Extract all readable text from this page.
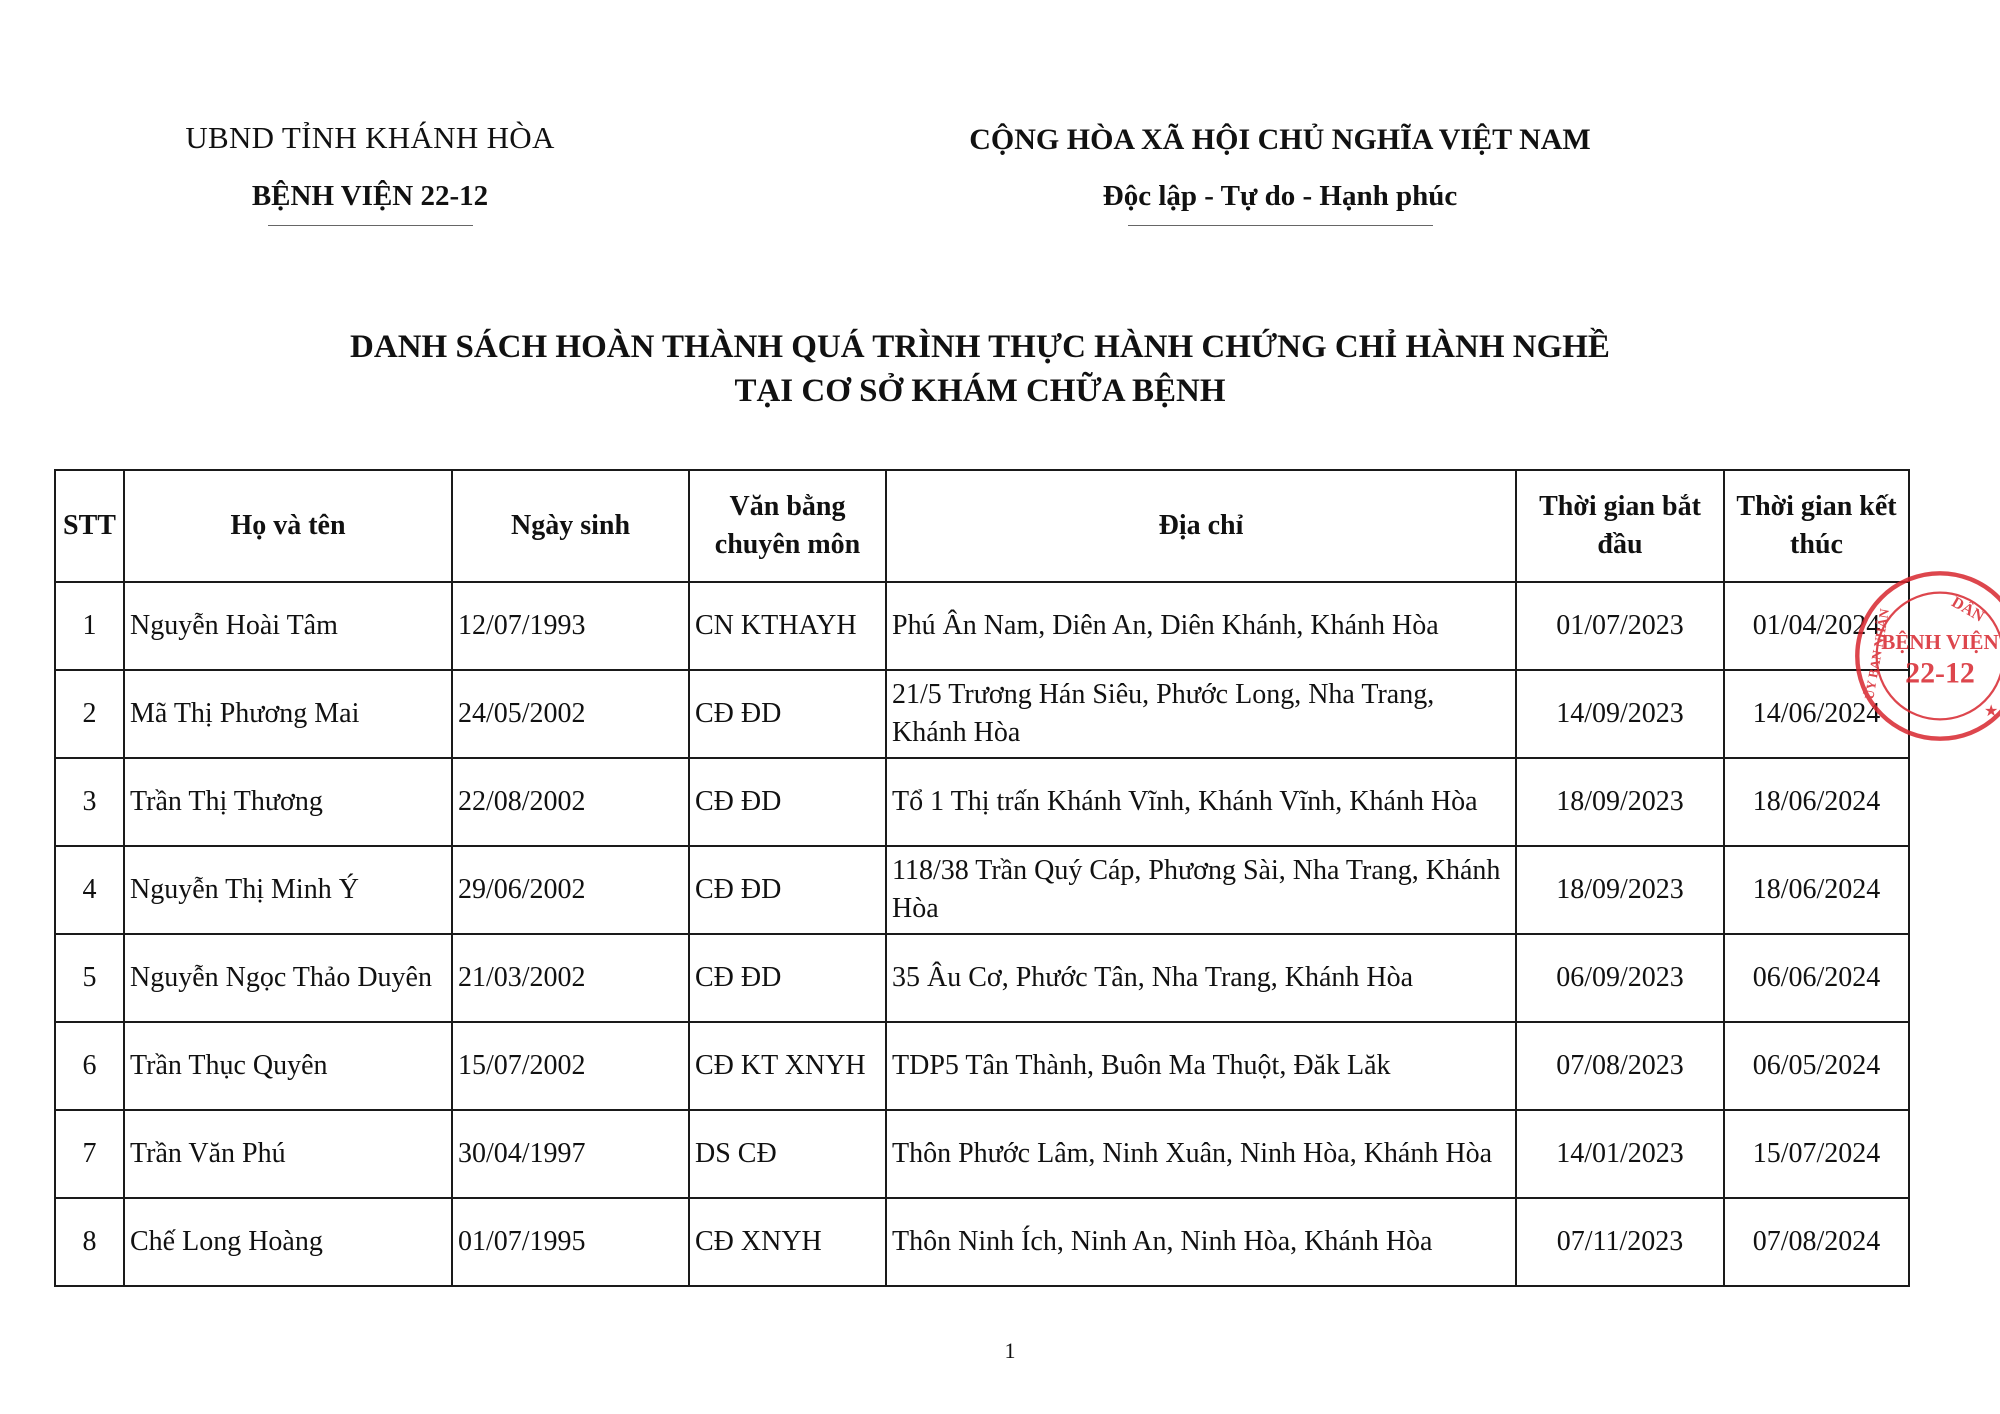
UBND TỈNH KHÁNH HÒA
BỆNH VIỆN 22-12
CỘNG HÒA XÃ HỘI CHỦ NGHĨA VIỆT NAM
Độc lập - Tự do - Hạnh phúc
DANH SÁCH HOÀN THÀNH QUÁ TRÌNH THỰC HÀNH CHỨNG CHỈ HÀNH NGHỀ
TẠI CƠ SỞ KHÁM CHỮA BỆNH
STT	Họ và tên	Ngày sinh	Văn bằng chuyên môn	Địa chỉ	Thời gian bắt đầu	Thời gian kết thúc
1	Nguyễn Hoài Tâm	12/07/1993	CN KTHAYH	Phú Ân Nam, Diên An, Diên Khánh, Khánh Hòa	01/07/2023	01/04/2024
2	Mã Thị Phương Mai	24/05/2002	CĐ ĐD	21/5 Trương Hán Siêu, Phước Long, Nha Trang, Khánh Hòa	14/09/2023	14/06/2024
3	Trần Thị Thương	22/08/2002	CĐ ĐD	Tổ 1 Thị trấn Khánh Vĩnh, Khánh Vĩnh, Khánh Hòa	18/09/2023	18/06/2024
4	Nguyễn Thị Minh Ý	29/06/2002	CĐ ĐD	118/38 Trần Quý Cáp, Phương Sài, Nha Trang, Khánh Hòa	18/09/2023	18/06/2024
5	Nguyễn Ngọc Thảo Duyên	21/03/2002	CĐ ĐD	35 Âu Cơ, Phước Tân, Nha Trang, Khánh Hòa	06/09/2023	06/06/2024
6	Trần Thục Quyên	15/07/2002	CĐ KT XNYH	TDP5 Tân Thành, Buôn Ma Thuột, Đăk Lăk	07/08/2023	06/05/2024
7	Trần Văn Phú	30/04/1997	DS CĐ	Thôn Phước Lâm, Ninh Xuân, Ninh Hòa, Khánh Hòa	14/01/2023	15/07/2024
8	Chế Long Hoàng	01/07/1995	CĐ XNYH	Thôn Ninh Ích, Ninh An, Ninh Hòa, Khánh Hòa	07/11/2023	07/08/2024
DÂN
ỦY BAN NHÂN
BỆNH VIỆN
22-12
★
1
